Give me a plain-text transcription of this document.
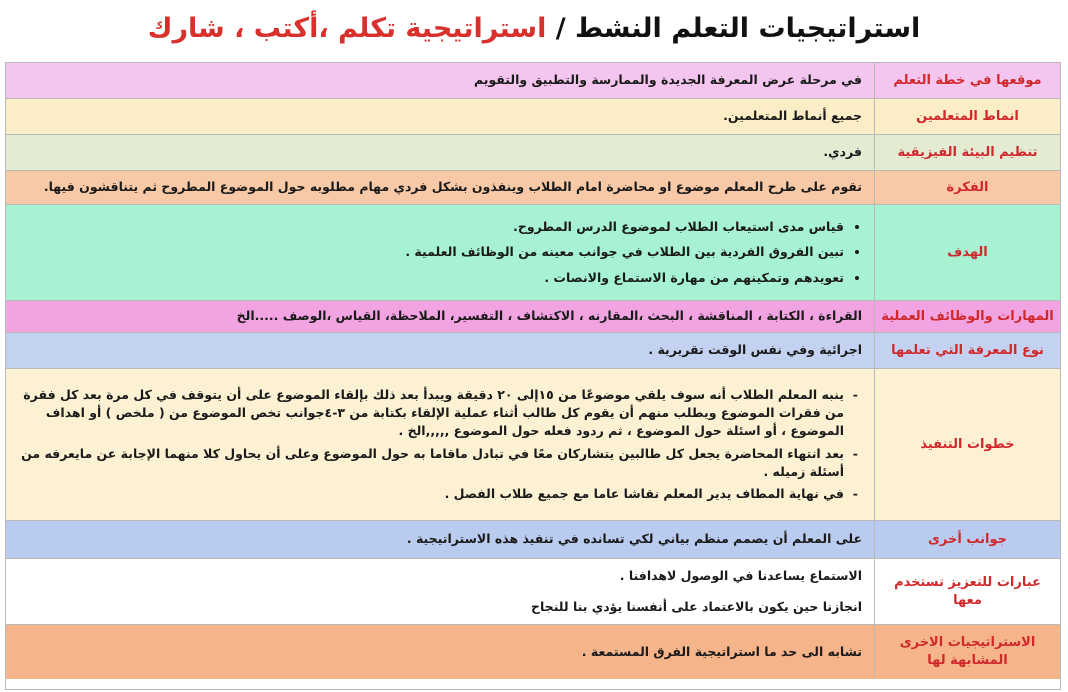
استراتيجيات التعلم النشط / استراتيجية تكلم ،أكتب ، شارك
موقعها في خطة التعلم

في مرحلة عرض المعرفة الجديدة والممارسة والتطبيق والتقويم

انماط المتعلمين

جميع أنماط المتعلمين.

تنظيم البيئة الفيزيقية

فردي.

الفكرة

تقوم على طرح المعلم موضوع او محاضرة امام الطلاب وينفذون بشكل فردي مهام مطلوبه حول الموضوع المطروح ثم يتناقشون فيها.

الهدف
• قياس مدى استيعاب الطلاب لموضوع الدرس المطروح.
• تبين الفروق الفردية بين الطلاب في جوانب معينه من الوظائف العلمية .
• تعويدهم وتمكينهم من مهارة الاستماع والانصات .
المهارات والوظائف العملية

القراءة ، الكتابة ، المناقشة ، البحث ،المقارنه ، الاكتشاف ، التفسير، الملاحظة، القياس ،الوصف .....الخ

نوع المعرفة التي تعلمها

اجرائية وفي نفس الوقت تقريرية .

خطوات التنفيذ
- ينبه المعلم الطلاب أنه سوف يلقي موضوعًا من ١٥إلى ٢٠ دقيقة ويبدأ بعد ذلك بإلقاء الموضوع على أن يتوقف في كل مرة بعد كل فقرة من فقرات الموضوع ويطلب منهم أن يقوم كل طالب أثناء عملية الإلقاء بكتابة من ٣-٤جوانب تخص الموضوع من ( ملخص ) أو اهداف الموضوع ، أو اسئلة حول الموضوع ، ثم ردود فعله حول الموضوع ,,,,,الخ .
- بعد انتهاء المحاضرة يجعل كل طالبين يتشاركان معًا في تبادل ماقاما به حول الموضوع وعلى أن يحاول كلا منهما الإجابة عن مايعرفه من أسئلة زميله .
- في نهاية المطاف يدير المعلم نقاشا عاما مع جميع طلاب الفصل .
جوانب أخرى

على المعلم أن يصمم منظم بياني لكي تسانده في تنفيذ هذه الاستراتيجية .

عبارات للتعزيز تستخدم معها

الاستماع يساعدنا في الوصول لاهدافنا .

انجازنا حين يكون بالاعتماد على أنفسنا يؤدي بنا للنجاح

الاستراتيجيات الاخرى المشابهة لها

تشابه الى حد ما استراتيجية الفرق المستمعة .
